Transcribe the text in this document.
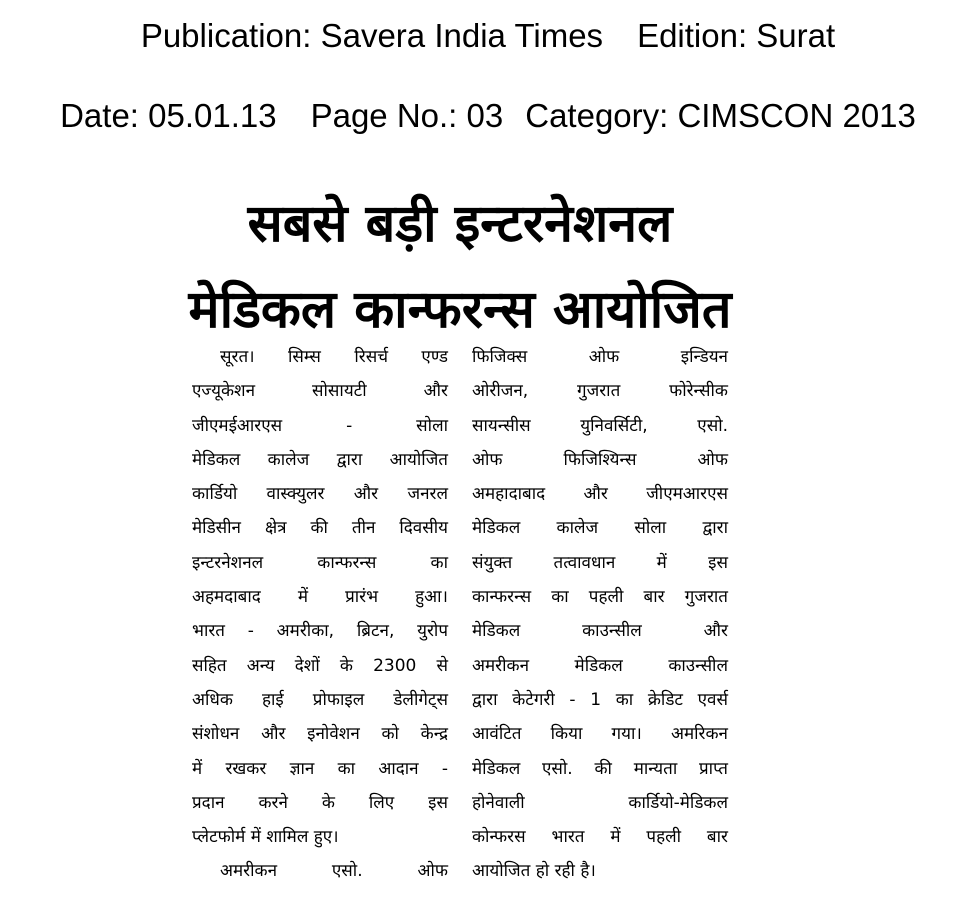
Publication: Savera India Times Edition: Surat
Date: 05.01.13 Page No.: 03 Category: CIMSCON 2013
सबसे बड़ी इन्टरनेशनल
मेडिकल कान्फरन्स आयोजित
सूरत। सिम्स रिसर्च एण्ड
एज्यूकेशन सोसायटी और
जीएमईआरएस - सोला
मेडिकल कालेज द्वारा आयोजित
कार्डियो वास्क्युलर और जनरल
मेडिसीन क्षेत्र की तीन दिवसीय
इन्टरनेशनल कान्फरन्स का
अहमदाबाद में प्रारंभ हुआ।
भारत - अमरीका, ब्रिटन, युरोप
सहित अन्य देशों के 2300 से
अधिक हाई प्रोफाइल डेलीगेट्स
संशोधन और इनोवेशन को केन्द्र
में रखकर ज्ञान का आदान -
प्रदान करने के लिए इस
प्लेटफोर्म में शामिल हुए।
अमरीकन एसो. ओफ
फिजिक्स ओफ इन्डियन
ओरीजन, गुजरात फोरेन्सीक
सायन्सीस युनिवर्सिटी, एसो.
ओफ फिजिश्यिन्स ओफ
अमहादाबाद और जीएमआरएस
मेडिकल कालेज सोला द्वारा
संयुक्त तत्वावधान में इस
कान्फरन्स का पहली बार गुजरात
मेडिकल काउन्सील और
अमरीकन मेडिकल काउन्सील
द्वारा केटेगरी - 1 का क्रेडिट एवर्स
आवंटित किया गया। अमरिकन
मेडिकल एसो. की मान्यता प्राप्त
होनेवाली कार्डियो-मेडिकल
कोन्फरस भारत में पहली बार
आयोजित हो रही है।
